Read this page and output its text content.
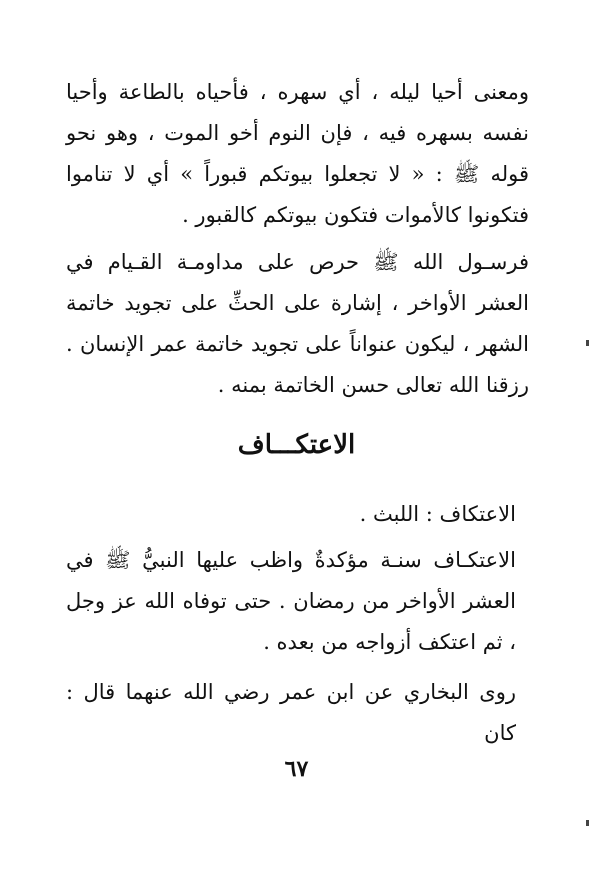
ومعنى أحيا ليله ، أي سهره ، فأحياه بالطاعة وأحيا نفسه بسهره فيه ، فإن النوم أخو الموت ، وهو نحو قوله ﷺ : « لا تجعلوا بيوتكم قبوراً » أي لا تناموا فتكونوا كالأموات فتكون بيوتكم كالقبور .

فرسـول الله ﷺ حرص على مداومـة القـيام في العشر الأواخر ، إشارة على الحثِّ على تجويد خاتمة الشهر ، ليكون عنواناً على تجويد خاتمة عمر الإنسان . رزقنا الله تعالى حسن الخاتمة بمنه .

الاعتكـــاف

الاعتكاف : اللبث .

الاعتكـاف سنـة مؤكدةٌ واظب عليها النبيُّ ﷺ في العشر الأواخر من رمضان . حتى توفاه الله عز وجل ، ثم اعتكف أزواجه من بعده .

روى البخاري عن ابن عمر رضي الله عنهما قال : كان

٦٧
